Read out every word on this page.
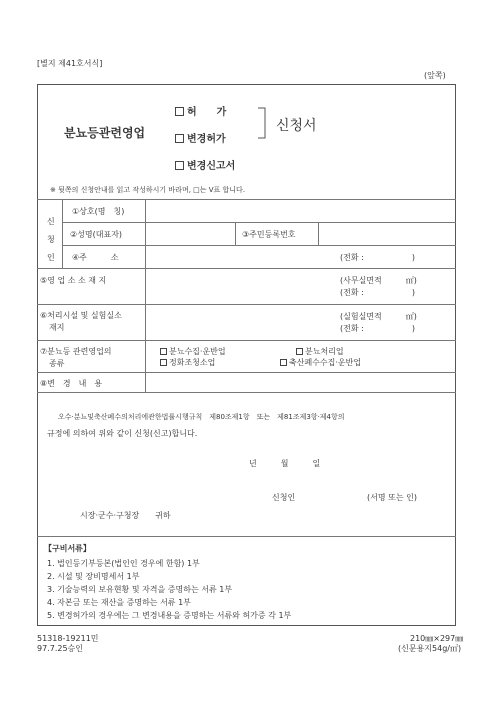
[별지 제41호서식]
(앞쪽)
분뇨등관련영업
허　　가
변경허가
변경신고서
신청서
※ 뒷쪽의 신청안내를 읽고 작성하시기 바라며, □는 V표 합니다.
신
청
인
①상호(명　칭)
②성명(대표자)	③주민등록번호
④주　　　소	(전화 :　　　　　　)
⑤영 업 소 소 재 지	(사무실면적　　　㎡)
(전화 :　　　　　　)
⑥처리시설 및 실험실소
재지
(실험실면적　　　㎡)
(전화 :　　　　　　)
⑦분뇨등 관련영업의
종류
분뇨수집·운반업	분뇨처리업
정화조청소업	축산폐수수집·운반업
⑧변　경　내　용
오수·분뇨및축산폐수의처리에관한법률시행규칙　제80조제1항　또는　제81조제3항·제4항의
규정에 의하여 위와 같이 신청(신고)합니다.
년　　　월　　　일
신청인	(서명 또는 인)
시장·군수·구청장　　귀하
【구비서류】
1. 법인등기부등본(법인인 경우에 한함) 1부
2. 시설 및 장비명세서 1부
3. 기술능력의 보유현황 및 자격을 증명하는 서류 1부
4. 자본금 또는 재산을 증명하는 서류 1부
5. 변경허가의 경우에는 그 변경내용을 증명하는 서류와 허가증 각 1부
51318-19211민
97.7.25승인
210㎜×297㎜
(신문용지54g/㎡)
